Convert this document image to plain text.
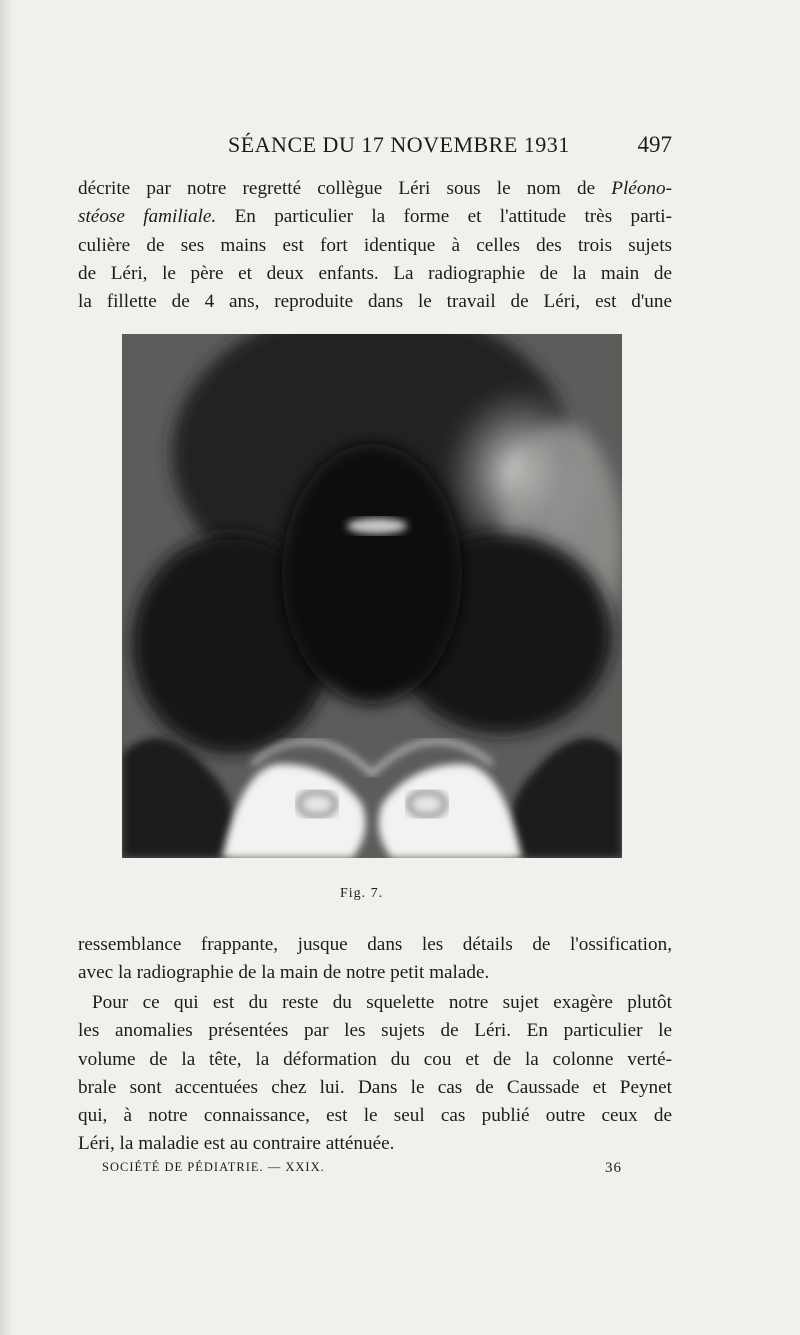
SÉANCE DU 17 NOVEMBRE 1931	497
décrite par notre regretté collègue Léri sous le nom de Pléono-
stéose familiale. En particulier la forme et l'attitude très parti-
culière de ses mains est fort identique à celles des trois sujets
de Léri, le père et deux enfants. La radiographie de la main de
la fillette de 4 ans, reproduite dans le travail de Léri, est d'une
Fig. 7.
ressemblance frappante, jusque dans les détails de l'ossification,
avec la radiographie de la main de notre petit malade.
Pour ce qui est du reste du squelette notre sujet exagère plutôt
les anomalies présentées par les sujets de Léri. En particulier le
volume de la tête, la déformation du cou et de la colonne verté-
brale sont accentuées chez lui. Dans le cas de Caussade et Peynet
qui, à notre connaissance, est le seul cas publié outre ceux de
Léri, la maladie est au contraire atténuée.
SOCIÉTÉ DE PÉDIATRIE. — XXIX.	36
